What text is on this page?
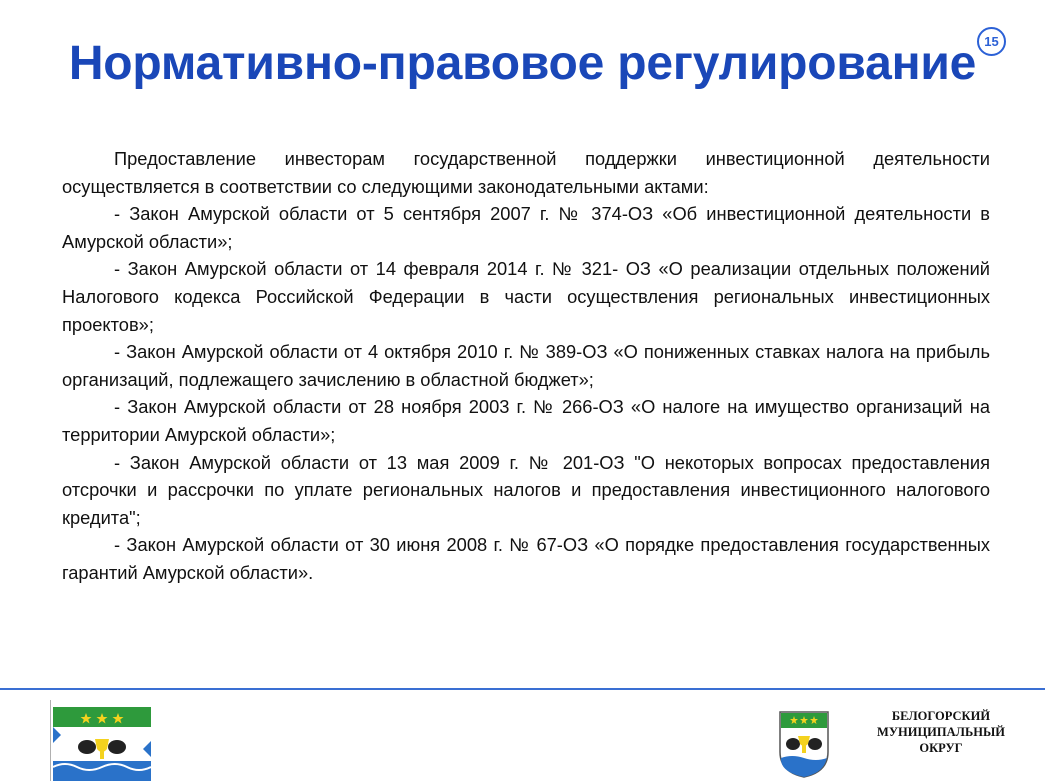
Нормативно-правовое регулирование 15

Предоставление инвесторам государственной поддержки инвестиционной деятельности осуществляется в соответствии со следующими законодательными актами:

- Закон Амурской области от 5 сентября 2007 г. № 374-ОЗ «Об инвестиционной деятельности в Амурской области»;

- Закон Амурской области от 14 февраля 2014 г. № 321- ОЗ «О реализации отдельных положений Налогового кодекса Российской Федерации в части осуществления региональных инвестиционных проектов»;

- Закон Амурской области от 4 октября 2010 г. № 389-ОЗ «О пониженных ставках налога на прибыль организаций, подлежащего зачислению в областной бюджет»;

- Закон Амурской области от 28 ноября 2003 г. № 266-ОЗ «О налоге на имущество организаций на территории Амурской области»;

- Закон Амурской области от 13 мая 2009 г. № 201-ОЗ "О некоторых вопросах предоставления отсрочки и рассрочки по уплате региональных налогов и предоставления инвестиционного налогового кредита";

- Закон Амурской области от 30 июня 2008 г. № 67-ОЗ «О порядке предоставления государственных гарантий Амурской области».

БЕЛОГОРСКИЙ
МУНИЦИПАЛЬНЫЙ
ОКРУГ
